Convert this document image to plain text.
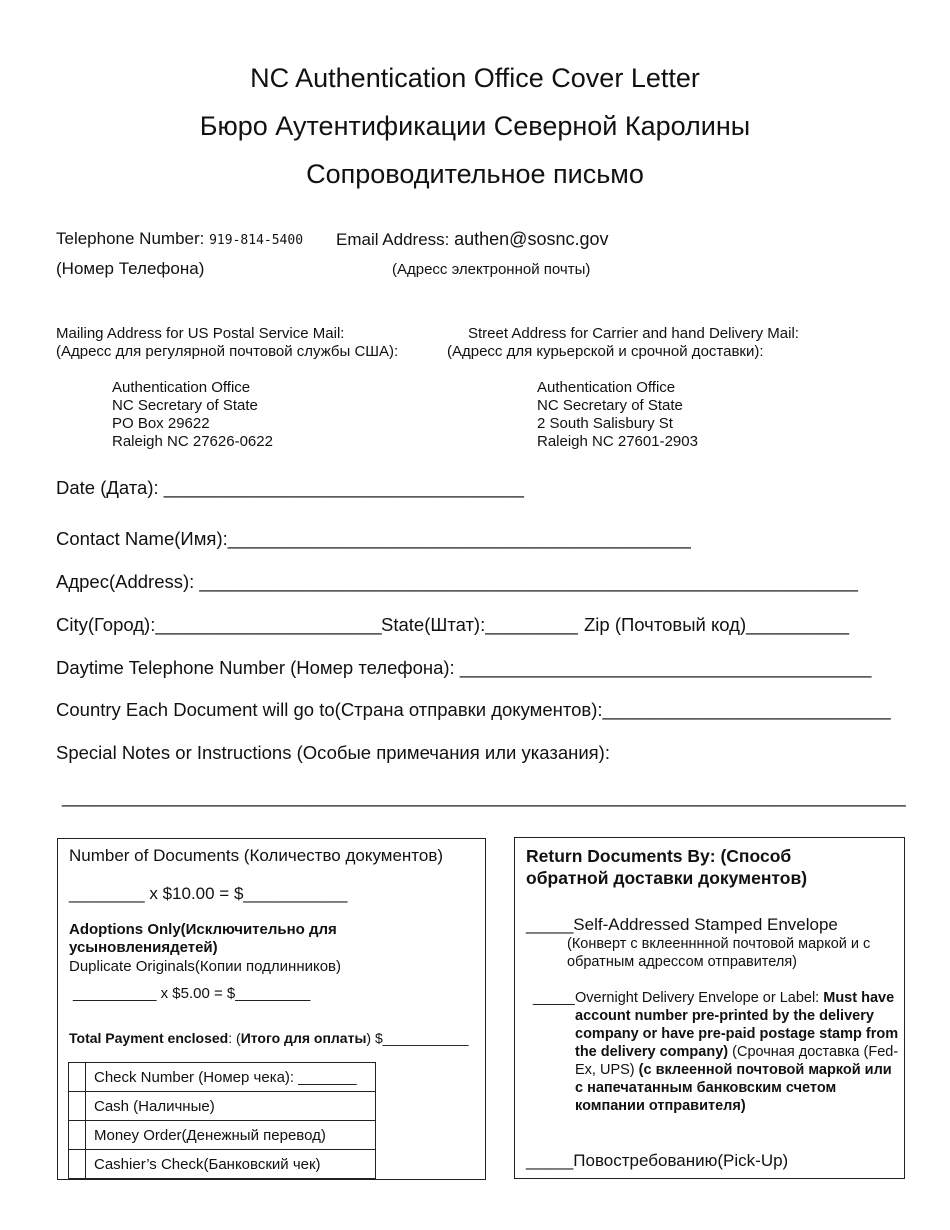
NC Authentication Office Cover Letter
Бюро Аутентификации Северной Каролины
Сопроводительное письмо
Telephone Number: 919-814-5400
(Номер Телефона)
Email Address: authen@sosnc.gov
(Адресс электронной почты)
Mailing Address for US Postal Service Mail:
(Адресс для регулярной почтовой службы США):
Authentication Office
NC Secretary of State
PO Box 29622
Raleigh NC 27626-0622
Street Address for Carrier and hand Delivery Mail:
(Адресс для курьерской и срочной доставки):
Authentication Office
NC Secretary of State
2 South Salisbury St
Raleigh NC 27601-2903
Date (Дата): ___________________________________
Contact Name(Имя):_____________________________________________
Адрес(Address): ________________________________________________________________
City(Город):______________________ State(Штат):_________ Zip (Почтовый код)__________
Daytime Telephone Number (Номер телефона): ________________________________________
Country Each Document will go to(Страна отправки документов):____________________________
Special Notes or Instructions (Особые примечания или указания):
__________________________________________________________________________________
Number of Documents (Количество документов)
________ x $10.00 = $___________
Adoptions Only(Исключительно для усыновлениядетей)
Duplicate Originals(Копии подлинников)
__________ x $5.00 = $_________
Total Payment enclosed: (Итого для оплаты) $___________
	Check Number (Номер чека): _______
	Cash (Наличные)
	Money Order(Денежный перевод)
	Cashier’s Check(Банковский чек)
Return Documents By: (Способ обратной доставки документов)
_____Self-Addressed Stamped Envelope
(Конверт с вклеенннной почтовой маркой и с обратным адрессом отправителя)
_____ Overnight Delivery Envelope or Label: Must have account number pre-printed by the delivery company or have pre-paid postage stamp from the delivery company) (Срочная доставка (Fed-Ex, UPS) (с вклеенной почтовой маркой или с напечатанным банковским счетом компании отправителя)
_____Повостребованию(Pick-Up)
